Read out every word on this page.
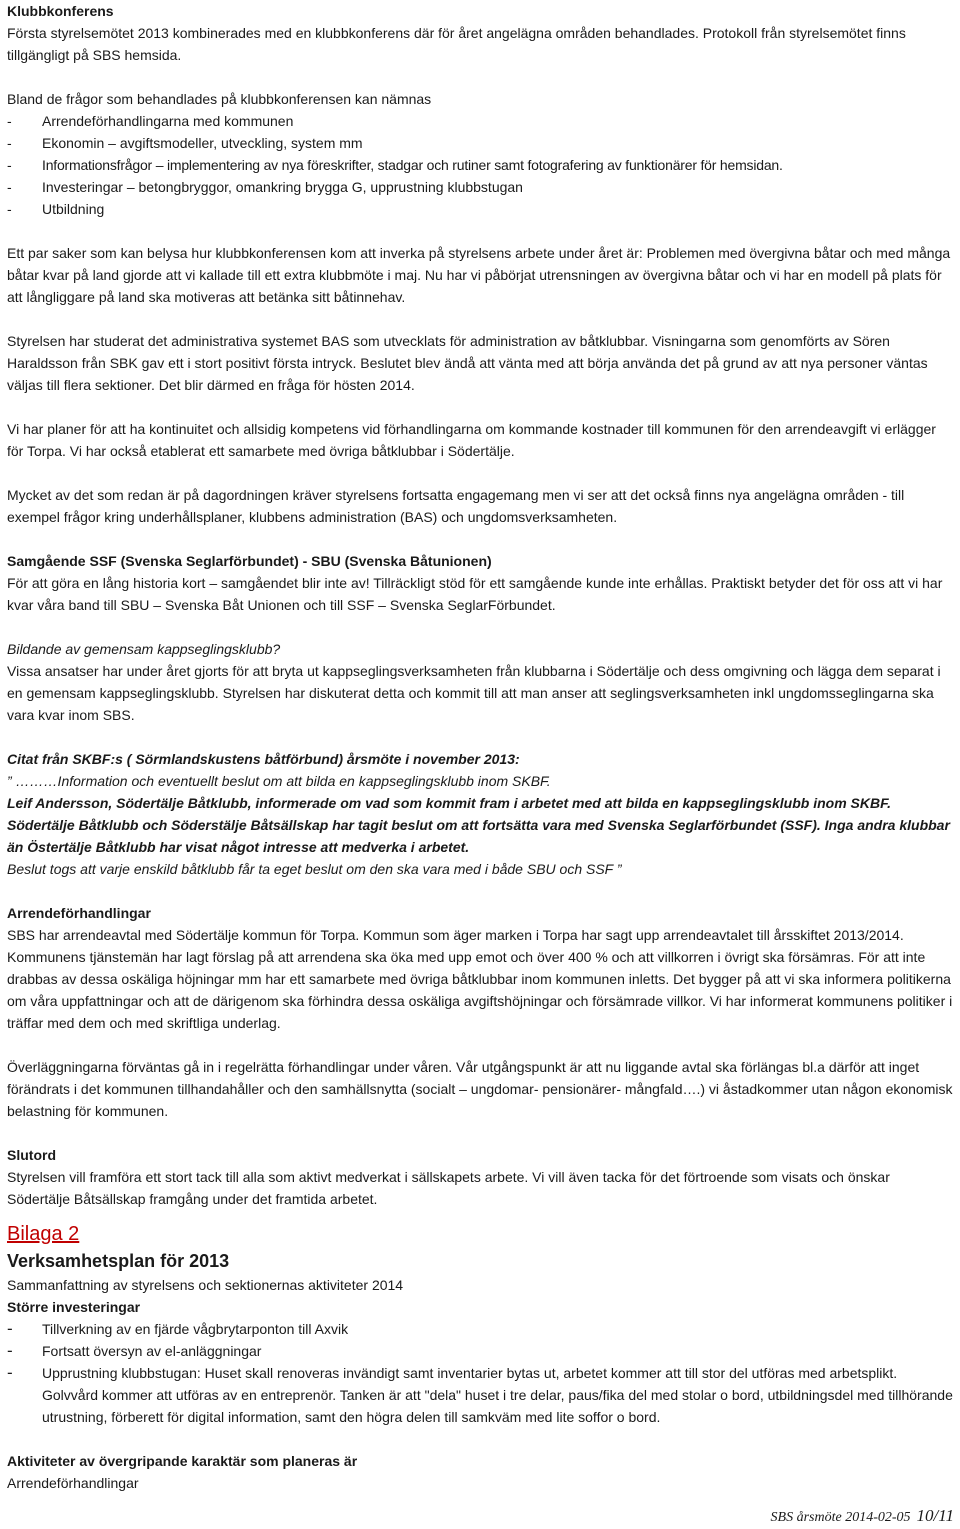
Klubbkonferens

Första styrelsemötet 2013 kombinerades med en klubbkonferens där för året angelägna områden behandlades. Protokoll från styrelsemötet finns tillgängligt på SBS hemsida.

Bland de frågor som behandlades på klubbkonferensen kan nämnas

-	Arrendeförhandlingarna med kommunen
-	Ekonomin – avgiftsmodeller, utveckling, system mm
-	Informationsfrågor – implementering av nya föreskrifter, stadgar och rutiner samt fotografering av funktionärer för hemsidan.
-	Investeringar – betongbryggor, omankring brygga G, upprustning klubbstugan
-	Utbildning

Ett par saker som kan belysa hur klubbkonferensen kom att inverka på styrelsens arbete under året är: Problemen med övergivna båtar och med många båtar kvar på land gjorde att vi kallade till ett extra klubbmöte i maj. Nu har vi påbörjat utrensningen av övergivna båtar och vi har en modell på plats för att långliggare på land ska motiveras att betänka sitt båtinnehav.

Styrelsen har studerat det administrativa systemet BAS som utvecklats för administration av båtklubbar. Visningarna som genomförts av Sören Haraldsson från SBK gav ett i stort positivt första intryck. Beslutet blev ändå att vänta med att börja använda det på grund av att nya personer väntas väljas till flera sektioner. Det blir därmed en fråga för hösten 2014.

Vi har planer för att ha kontinuitet och allsidig kompetens vid förhandlingarna om kommande kostnader till kommunen för den arrendeavgift vi erlägger för Torpa. Vi har också etablerat ett samarbete med övriga båtklubbar i Södertälje.

Mycket av det som redan är på dagordningen kräver styrelsens fortsatta engagemang men vi ser att det också finns nya angelägna områden - till exempel frågor kring underhållsplaner, klubbens administration (BAS) och ungdomsverksamheten.

Samgående SSF (Svenska Seglarförbundet) - SBU (Svenska Båtunionen)

För att göra en lång historia kort – samgåendet blir inte av! Tillräckligt stöd för ett samgående kunde inte erhållas. Praktiskt betyder det för oss att vi har kvar våra band till SBU – Svenska Båt Unionen och till SSF – Svenska SeglarFörbundet.

Bildande av gemensam kappseglingsklubb?

Vissa ansatser har under året gjorts för att bryta ut kappseglingsverksamheten från klubbarna i Södertälje och dess omgivning och lägga dem separat i en gemensam kappseglingsklubb. Styrelsen har diskuterat detta och kommit till att man anser att seglingsverksamheten inkl ungdomsseglingarna ska vara kvar inom SBS.

Citat från SKBF:s ( Sörmlandskustens båtförbund) årsmöte i november 2013:

” ………Information och eventuellt beslut om att bilda en kappseglingsklubb inom SKBF.

Leif Andersson, Södertälje Båtklubb, informerade om vad som kommit fram i arbetet med att bilda en kappseglingsklubb inom SKBF. Södertälje Båtklubb och Söderstälje Båtsällskap har tagit beslut om att fortsätta vara med Svenska Seglarförbundet (SSF). Inga andra klubbar än Östertälje Båtklubb har visat något intresse att medverka i arbetet.

Beslut togs att varje enskild båtklubb får ta eget beslut om den ska vara med i både SBU och SSF ”

Arrendeförhandlingar

SBS har arrendeavtal med Södertälje kommun för Torpa. Kommun som äger marken i Torpa har sagt upp arrendeavtalet till årsskiftet 2013/2014. Kommunens tjänstemän har lagt förslag på att arrendena ska öka med upp emot och över 400 % och att villkorren i övrigt ska försämras. För att inte drabbas av dessa oskäliga höjningar mm har ett samarbete med övriga båtklubbar inom kommunen inletts. Det bygger på att vi ska informera politikerna om våra uppfattningar och att de därigenom ska förhindra dessa oskäliga avgiftshöjningar och försämrade villkor. Vi har informerat kommunens politiker i träffar med dem och med skriftliga underlag.

Överläggningarna förväntas gå in i regelrätta förhandlingar under våren. Vår utgångspunkt är att nu liggande avtal ska förlängas bl.a därför att inget förändrats i det kommunen tillhandahåller och den samhällsnytta (socialt – ungdomar- pensionärer- mångfald….) vi åstadkommer utan någon ekonomisk belastning för kommunen.

Slutord

Styrelsen vill framföra ett stort tack till alla som aktivt medverkat i sällskapets arbete. Vi vill även tacka för det förtroende som visats och önskar Södertälje Båtsällskap framgång under det framtida arbetet.

Bilaga 2

Verksamhetsplan för 2013

Sammanfattning av styrelsens och sektionernas aktiviteter 2014

Större investeringar

-	Tillverkning av en fjärde vågbrytarponton till Axvik
-	Fortsatt översyn av el-anläggningar
-	Upprustning klubbstugan: Huset skall renoveras invändigt samt inventarier bytas ut, arbetet kommer att till stor del utföras med arbetsplikt. Golvvård kommer att utföras av en entreprenör. Tanken är att "dela" huset i tre delar, paus/fika del med stolar o bord, utbildningsdel med tillhörande utrustning, förberett för digital information, samt den högra delen till samkväm med lite soffor o bord.

Aktiviteter av övergripande karaktär som planeras är

Arrendeförhandlingar

SBS årsmöte 2014-02-05 10/11
